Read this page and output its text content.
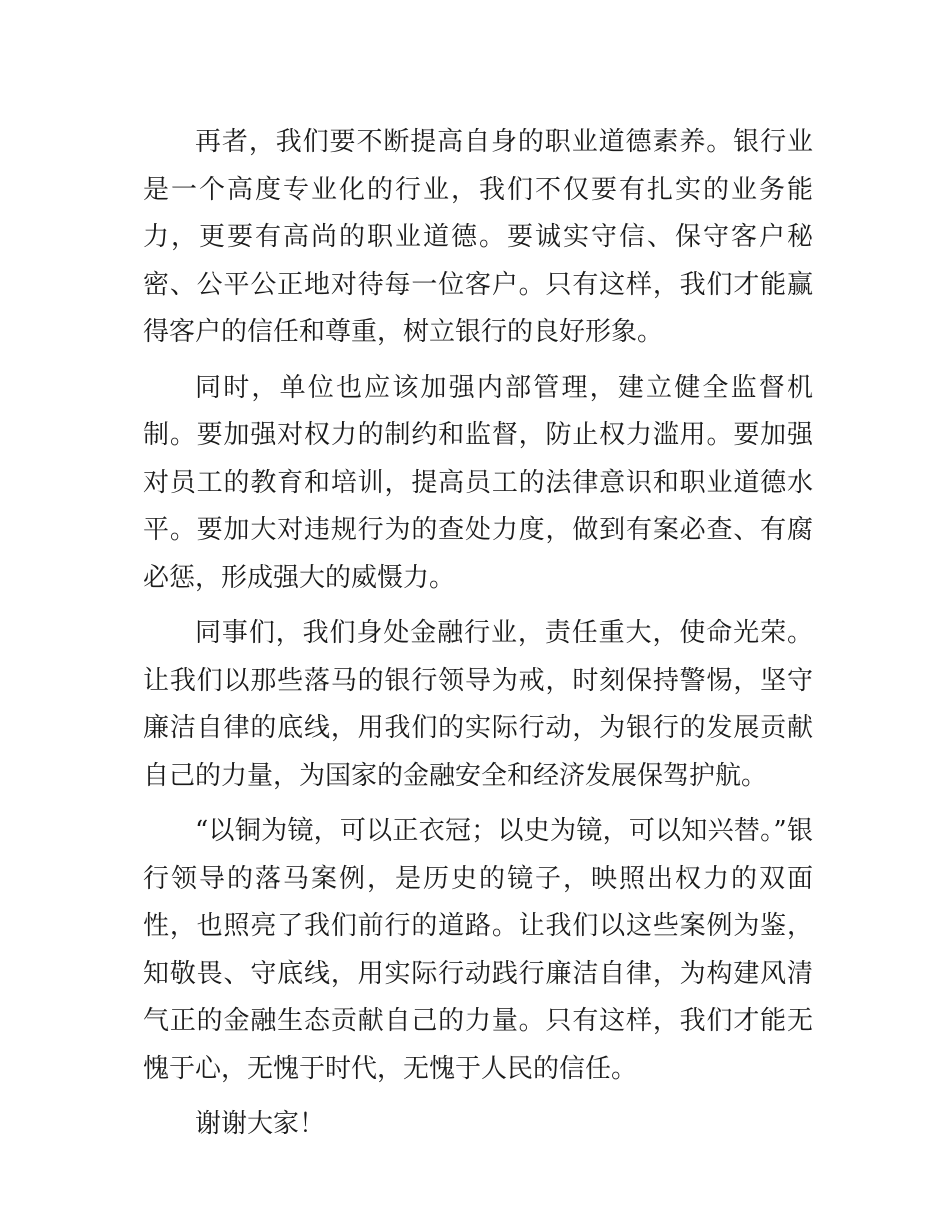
再者，我们要不断提高自身的职业道德素养。银行业是一个高度专业化的行业，我们不仅要有扎实的业务能力，更要有高尚的职业道德。要诚实守信、保守客户秘密、公平公正地对待每一位客户。只有这样，我们才能赢得客户的信任和尊重，树立银行的良好形象。

同时，单位也应该加强内部管理，建立健全监督机制。要加强对权力的制约和监督，防止权力滥用。要加强对员工的教育和培训，提高员工的法律意识和职业道德水平。要加大对违规行为的查处力度，做到有案必查、有腐必惩，形成强大的威慑力。

同事们，我们身处金融行业，责任重大，使命光荣。让我们以那些落马的银行领导为戒，时刻保持警惕，坚守廉洁自律的底线，用我们的实际行动，为银行的发展贡献自己的力量，为国家的金融安全和经济发展保驾护航。

“以铜为镜，可以正衣冠；以史为镜，可以知兴替。”银行领导的落马案例，是历史的镜子，映照出权力的双面性，也照亮了我们前行的道路。让我们以这些案例为鉴，知敬畏、守底线，用实际行动践行廉洁自律，为构建风清气正的金融生态贡献自己的力量。只有这样，我们才能无愧于心，无愧于时代，无愧于人民的信任。

谢谢大家！
